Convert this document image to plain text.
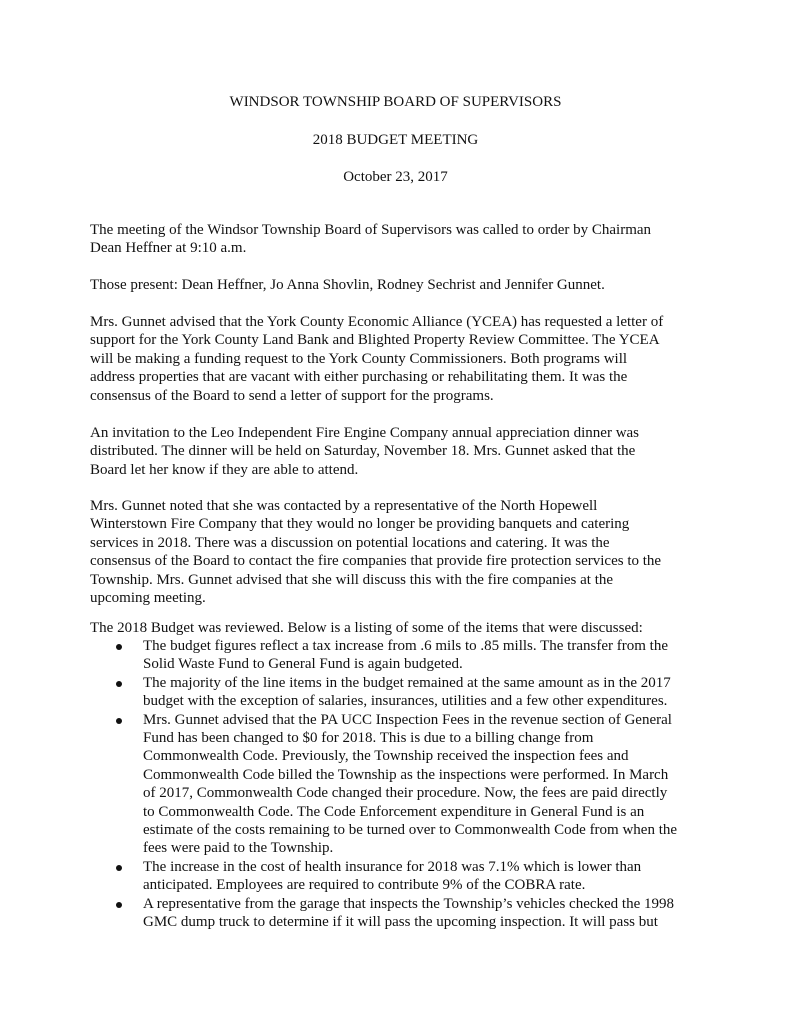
WINDSOR TOWNSHIP BOARD OF SUPERVISORS
2018 BUDGET MEETING
October 23, 2017
The meeting of the Windsor Township Board of Supervisors was called to order by Chairman
Dean Heffner at 9:10 a.m.
Those present: Dean Heffner, Jo Anna Shovlin, Rodney Sechrist and Jennifer Gunnet.
Mrs. Gunnet advised that the York County Economic Alliance (YCEA) has requested a letter of
support for the York County Land Bank and Blighted Property Review Committee. The YCEA
will be making a funding request to the York County Commissioners. Both programs will
address properties that are vacant with either purchasing or rehabilitating them. It was the
consensus of the Board to send a letter of support for the programs.
An invitation to the Leo Independent Fire Engine Company annual appreciation dinner was
distributed. The dinner will be held on Saturday, November 18. Mrs. Gunnet asked that the
Board let her know if they are able to attend.
Mrs. Gunnet noted that she was contacted by a representative of the North Hopewell
Winterstown Fire Company that they would no longer be providing banquets and catering
services in 2018. There was a discussion on potential locations and catering. It was the
consensus of the Board to contact the fire companies that provide fire protection services to the
Township. Mrs. Gunnet advised that she will discuss this with the fire companies at the
upcoming meeting.
The 2018 Budget was reviewed. Below is a listing of some of the items that were discussed:
The budget figures reflect a tax increase from .6 mils to .85 mills. The transfer from the
Solid Waste Fund to General Fund is again budgeted.
The majority of the line items in the budget remained at the same amount as in the 2017
budget with the exception of salaries, insurances, utilities and a few other expenditures.
Mrs. Gunnet advised that the PA UCC Inspection Fees in the revenue section of General
Fund has been changed to $0 for 2018. This is due to a billing change from
Commonwealth Code. Previously, the Township received the inspection fees and
Commonwealth Code billed the Township as the inspections were performed. In March
of 2017, Commonwealth Code changed their procedure. Now, the fees are paid directly
to Commonwealth Code. The Code Enforcement expenditure in General Fund is an
estimate of the costs remaining to be turned over to Commonwealth Code from when the
fees were paid to the Township.
The increase in the cost of health insurance for 2018 was 7.1% which is lower than
anticipated. Employees are required to contribute 9% of the COBRA rate.
A representative from the garage that inspects the Township’s vehicles checked the 1998
GMC dump truck to determine if it will pass the upcoming inspection. It will pass but
